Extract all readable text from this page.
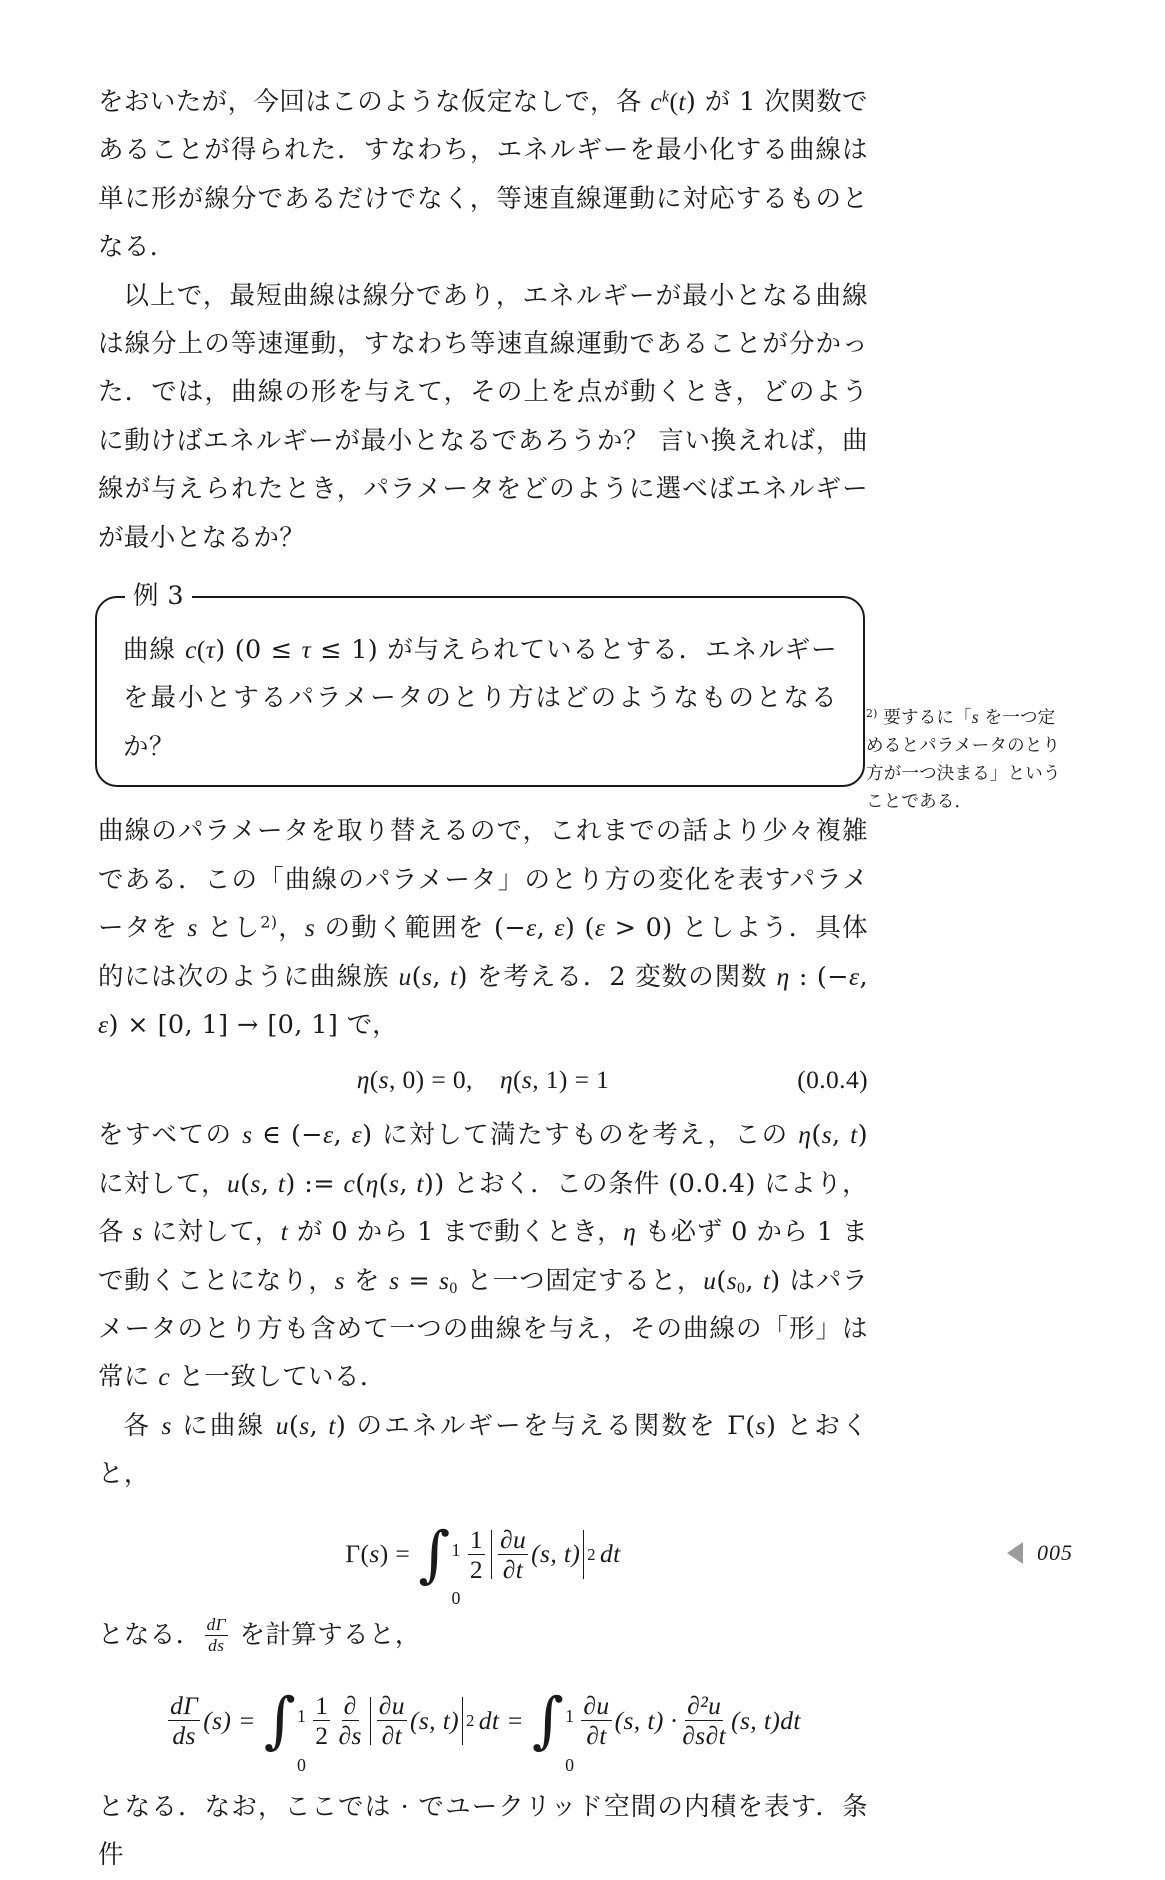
をおいたが，今回はこのような仮定なしで，各 $c^k(t)$ が 1 次関数であることが得られた．すなわち，エネルギーを最小化する曲線は単に形が線分であるだけでなく，等速直線運動に対応するものとなる．

以上で，最短曲線は線分であり，エネルギーが最小となる曲線は線分上の等速運動，すなわち等速直線運動であることが分かった．では，曲線の形を与えて，その上を点が動くとき，どのように動けばエネルギーが最小となるであろうか？ 言い換えれば，曲線が与えられたとき，パラメータをどのように選べばエネルギーが最小となるか？

例 3

曲線 c(τ) (0 ≤ τ ≤ 1) が与えられているとする．エネルギーを最小とするパラメータのとり方はどのようなものとなるか？

曲線のパラメータを取り替えるので，これまでの話より少々複雑である．この「曲線のパラメータ」のとり方の変化を表すパラメータを s とし$^{2)}$，s の動く範囲を (−ε, ε) (ε > 0) としよう．具体的には次のように曲線族 u(s, t) を考える．2 変数の関数 η : (−ε, ε) × [0, 1] → [0, 1] で，

η(s, 0) = 0,    η(s, 1) = 1	(0.0.4)

をすべての s ∈ (−ε, ε) に対して満たすものを考え，この η(s, t) に対して，u(s, t) := c(η(s, t)) とおく．この条件 (0.0.4) により，各 s に対して，t が 0 から 1 まで動くとき，η も必ず 0 から 1 まで動くことになり，s を $s = s_0$ と一つ固定すると，$u(s_0$, t) はパラメータのとり方も含めて一つの曲線を与え，その曲線の「形」は常に c と一致している．

各 s に曲線 u(s, t) のエネルギーを与える関数を Γ(s) とおくと，

Γ( s ) = ∫ 1
0
$\frac{1}{2} \frac{\partial u}{\partial t} (s$, t) 2 dt

となる． $\frac{d\Gamma}{ds}$ を計算すると，

$\frac{d\Gamma}{ds} (s)$ = ∫ 1
0
$\frac{1}{2} \frac{\partial}{\partial s} \frac{\partial u}{\partial t} (s$, t) 2 dt = ∫ 1
0
$\frac{\partial u}{\partial t} (s$, $t) \cdot \frac{\text{∂²u}}{\partial s\partial t} (s$, t)dt

となる．なお，ここでは · でユークリッド空間の内積を表す．条件

$^{2)}$ 要するに「s を一つ定めるとパラメータのとり方が一つ決まる」ということである．

005
